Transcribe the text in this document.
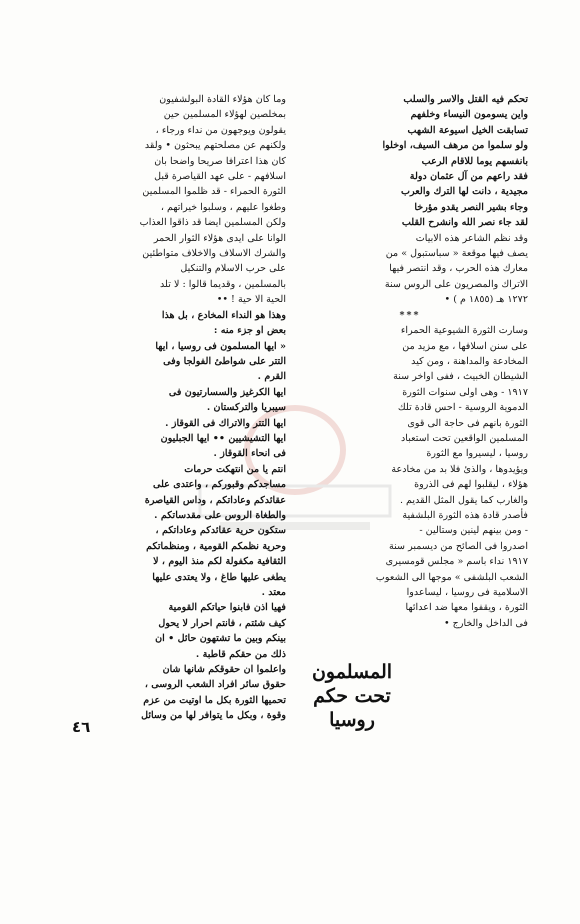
تحكم فيه القتل والاسر والسلب

واين يسومون النيساء وخلفهم

تسابقت الخيل اسيوعة الشهب

ولو سلموا من مرهف السيف، اوخلوا

بانفسهم يوما للاقام الرعب

فقد راعهم من آل عثمان دولة

مجيدية ، دانت لها الترك والعرب

وجاء بشير النصر يقدو مؤرخا

لقد جاء نصر الله وانشرح القلب

وقد نظم الشاعر هذه الابيات

يصف فيها موقعة « سباستبول » من

معارك هذه الحرب ، وقد انتصر فيها

الاتراك والمصريون على الروس سنة

١٢٧٢ هـ (١٨٥٥ م ) •

***

وسارت الثورة الشيوعية الحمراء

على سنن اسلافها ، مع مزيد من

المخادعة والمداهنة ، ومن كيد

الشيطان الخبيث ، ففى اواخر سنة

١٩١٧ - وهى اولى سنوات الثورة

الدموية الروسية - احس قادة تلك

الثورة بانهم فى حاجة الى قوى

المسلمين الواقعين تحت استعباد

روسيا ، ليسيروا مع الثورة

ويؤيدوها ، والذئ فلا بد من مخادعة

هؤلاء ، ليقلبوا لهم فى الذروة

والغارب كما يقول المثل القديم .

فأصدر قادة هذه الثورة البلشفية

- ومن بينهم لينين وستالين -

اصدروا فى الصائح من ديسمبر سنة

١٩١٧ نداء باسم « مجلس قومسيرى

الشعب البلشفى » موجها الى الشعوب

الاسلامية فى روسيا ، ليساعدوا

الثورة ، ويقفوا معها ضد اعدائها

فى الداخل والخارج •

وما كان هؤلاء القادة البولشفيون

بمخلصين لهؤلاء المسلمين حين

يقولون ويوجهون من نداء ورجاء ،

ولكنهم عن مصلحتهم يبحثون • ولقد

كان هذا اعترافا صريحا واضحا بان

اسلافهم - على عهد القياصرة قبل

الثورة الحمراء - قد ظلموا المسلمين

وطغوا عليهم ، وسلبوا خيراتهم ،

ولكن المسلمين ايضا قد ذاقوا العذاب

الوانا على ايدى هؤلاء الثوار الحمر

والشرك الاسلاف والاخلاف متواطئين

على حرب الاسلام والتنكيل

بالمسلمين ، وقديما قالوا : لا تلد

الحية الا حية ! ••

وهذا هو النداء المخادع ، بل هذا

بعض او جزء منه :

« ايها المسلمون فى روسيا ، ايها

التتر على شواطئ الفولجا وفى

القرم .

ايها الكرغيز والسسارتيون فى

سيبريا والتركستان .

ايها التتر والاتراك فى القوقاز .

ايها التشيشيين •• ايها الجبليون

فى انحاء القوقاز .

انتم يا من انتهكت حرمات

مساجدكم وقبوركم ، واعتدى على

عقائدكم وعاداتكم ، وداس القياصرة

والطغاة الروس على مقدساتكم .

ستكون حرية عقائدكم وعاداتكم ،

وحرية نظمكم القومية ، ومنظماتكم

الثقافية مكفولة لكم منذ اليوم ، لا

يطغى عليها طاغ ، ولا يعتدى عليها

معتد .

فهيا اذن فابنوا حياتكم القومية

كيف شئتم ، فانتم احرار لا يحول

بينكم وبين ما تشتهون حائل • ان

ذلك من حقكم قاطبة .

واعلموا ان حقوقكم شانها شان

حقوق سائر افراد الشعب الروسى ،

تحميها الثورة بكل ما اوتيت من عزم

وقوة ، وبكل ما يتوافر لها من وسائل

المسلمون
تحت حكم
روسيا
٤٦
